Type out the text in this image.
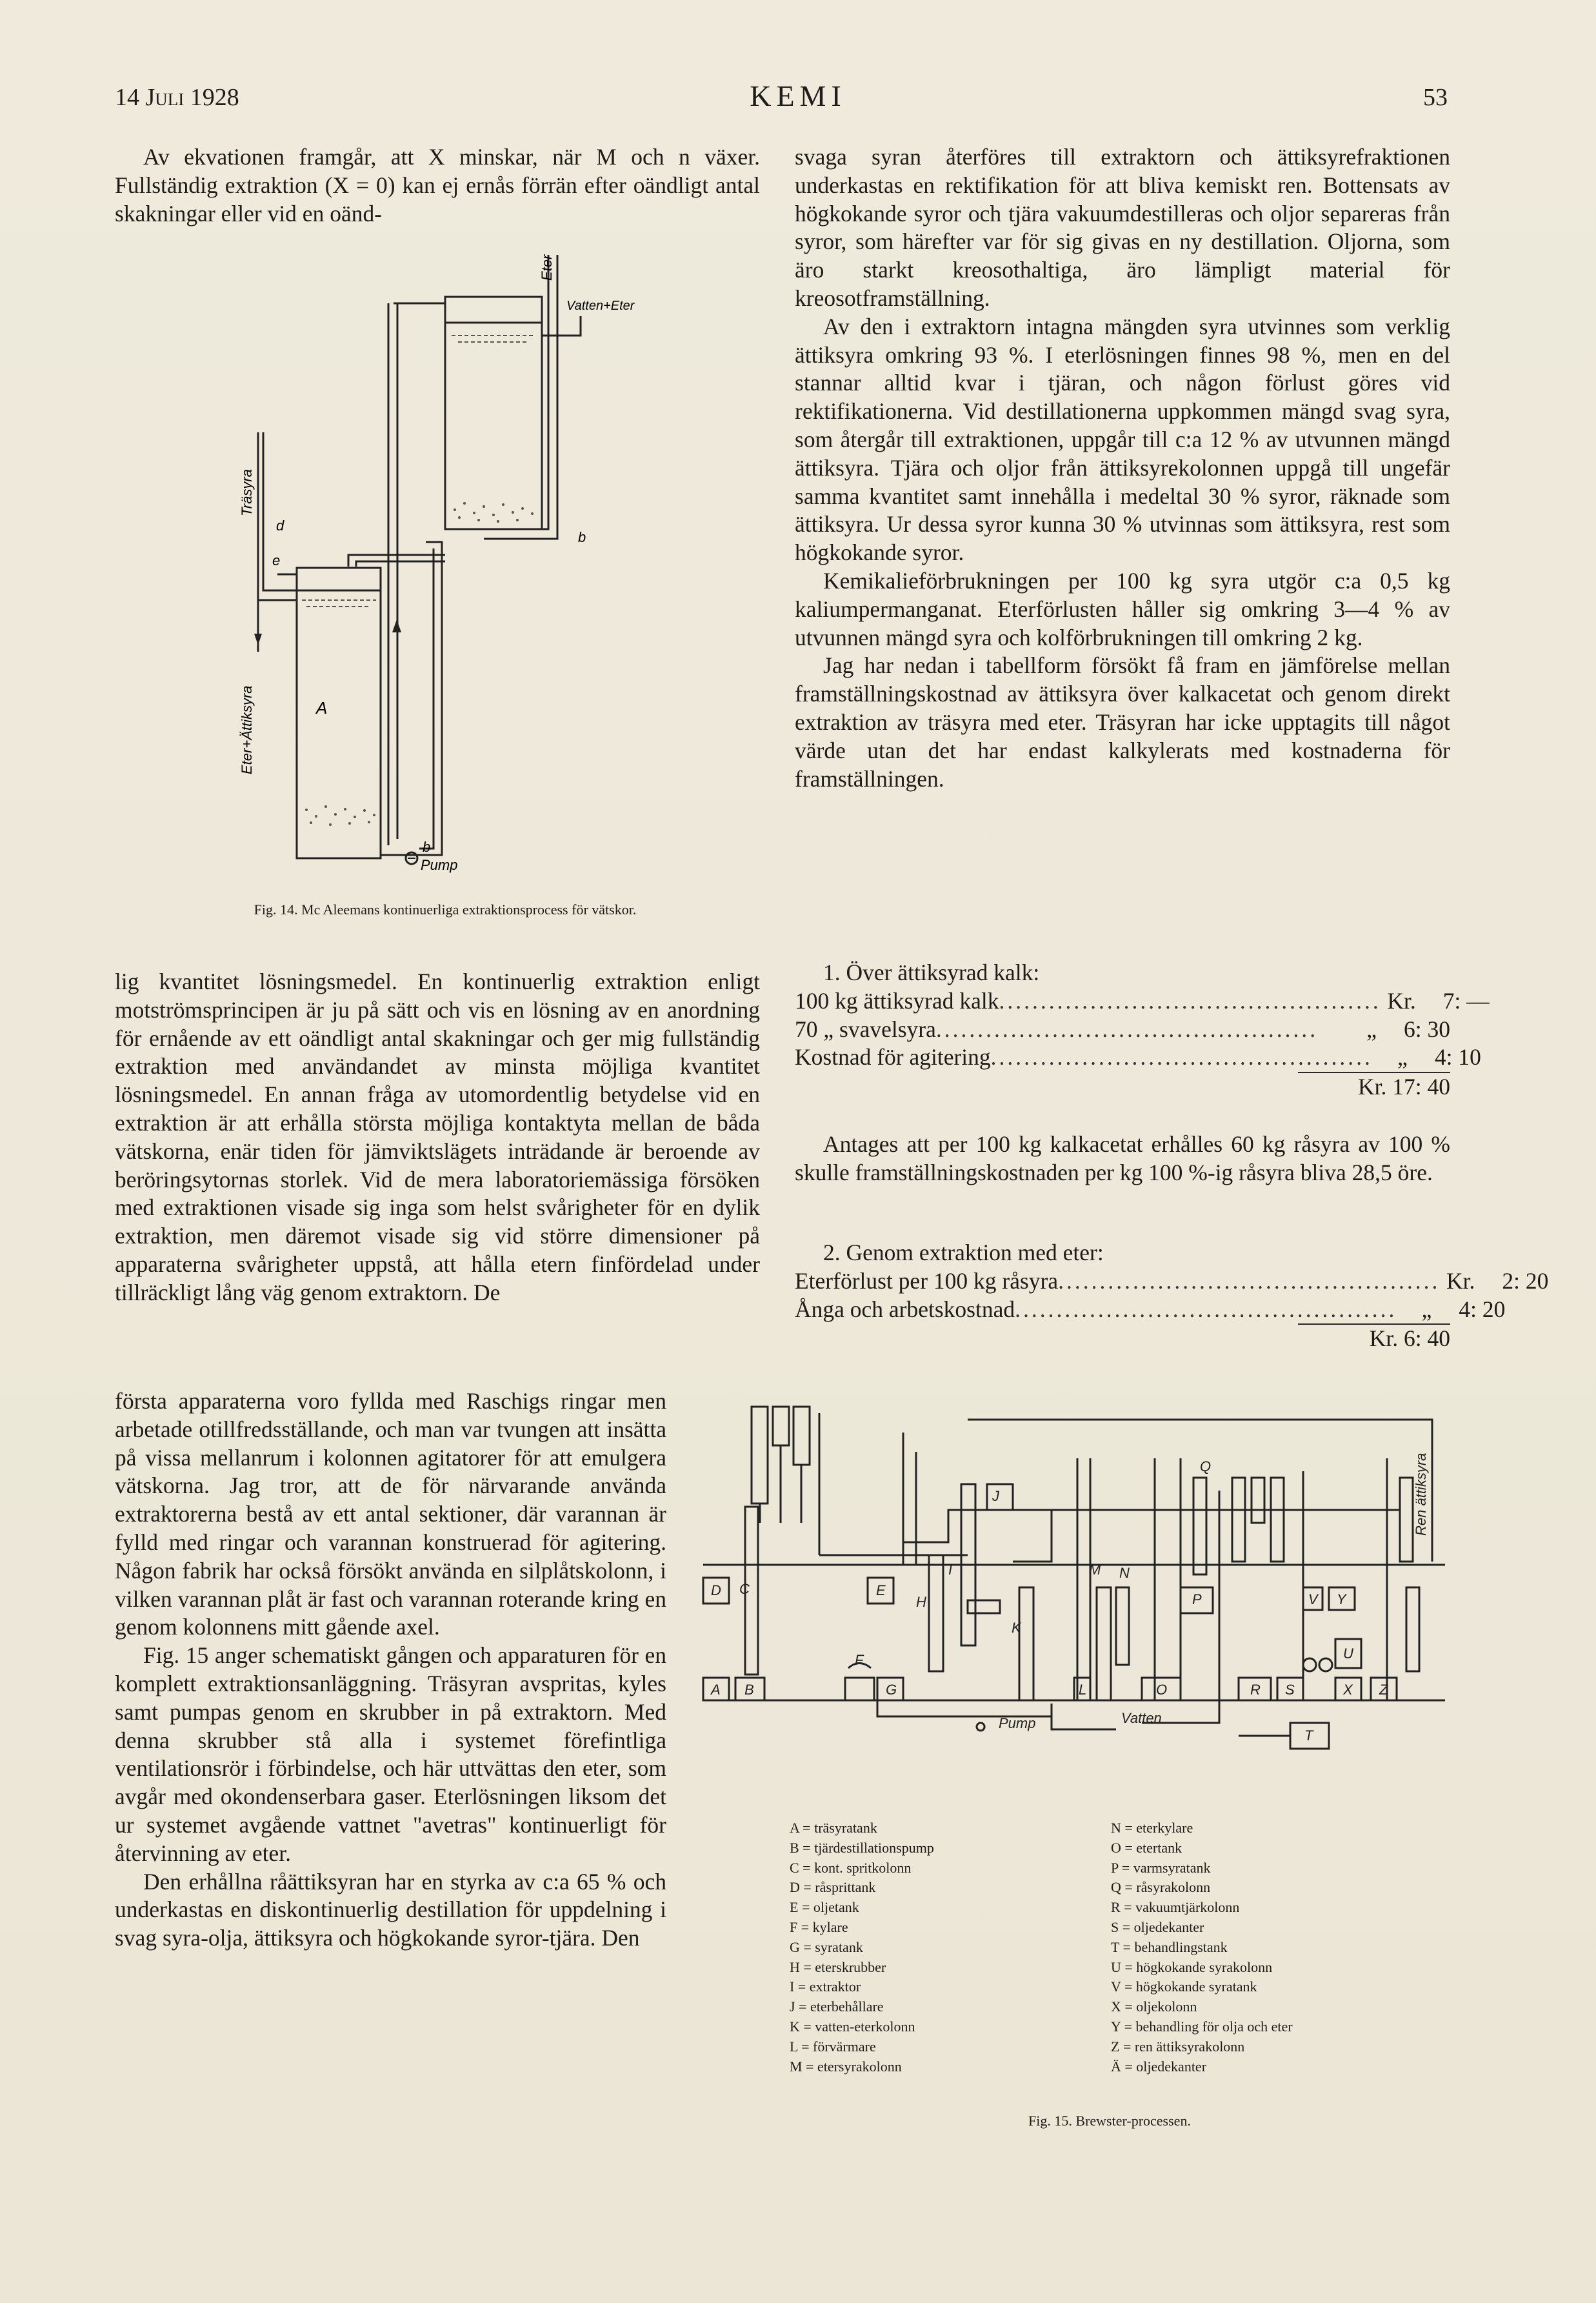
14 Juli 1928	KEMI	53

Av ekvationen framgår, att X minskar, när M och n växer. Fullständig extraktion (X = 0) kan ej ernås förrän efter oändligt antal skakningar eller vid en oänd-

Eter
Vatten+Eter
Träsyra
Eter+Ättiksyra
d
e
A
b
b
Pump
Fig. 14. Mc Aleemans kontinuerliga extraktionsprocess för vätskor.

lig kvantitet lösningsmedel. En kontinuerlig extraktion enligt motströmsprincipen är ju på sätt och vis en lösning av en anordning för ernående av ett oändligt antal skakningar och ger mig fullständig extraktion med användandet av minsta möjliga kvantitet lösningsmedel. En annan fråga av utomordentlig betydelse vid en extraktion är att erhålla största möjliga kontaktyta mellan de båda vätskorna, enär tiden för jämviktslägets inträdande är beroende av beröringsytornas storlek. Vid de mera laboratoriemässiga försöken med extraktionen visade sig inga som helst svårigheter för en dylik extraktion, men däremot visade sig vid större dimensioner på apparaterna svårigheter uppstå, att hålla etern finfördelad under tillräckligt lång väg genom extraktorn. De

första apparaterna voro fyllda med Raschigs ringar men arbetade otillfredsställande, och man var tvungen att insätta på vissa mellanrum i kolonnen agitatorer för att emulgera vätskorna. Jag tror, att de för närvarande använda extraktorerna bestå av ett antal sektioner, där varannan är fylld med ringar och varannan konstruerad för agitering. Någon fabrik har också försökt använda en silplåtskolonn, i vilken varannan plåt är fast och varannan roterande kring en genom kolonnens mitt gående axel.

Fig. 15 anger schematiskt gången och apparaturen för en komplett extraktionsanläggning. Träsyran avspritas, kyles samt pumpas genom en skrubber in på extraktorn. Med denna skrubber stå alla i systemet förefintliga ventilationsrör i förbindelse, och här uttvättas den eter, som avgår med okondenserbara gaser. Eterlösningen liksom det ur systemet avgående vattnet "avetras" kontinuerligt för återvinning av eter.

Den erhållna råättiksyran har en styrka av c:a 65 % och underkastas en diskontinuerlig destillation för uppdelning i svag syra-olja, ättiksyra och högkokande syror-tjära. Den

svaga syran återföres till extraktorn och ättiksyrefraktionen underkastas en rektifikation för att bliva kemiskt ren. Bottensats av högkokande syror och tjära vakuumdestilleras och oljor separeras från syror, som härefter var för sig givas en ny destillation. Oljorna, som äro starkt kreosothaltiga, äro lämpligt material för kreosotframställning.

Av den i extraktorn intagna mängden syra utvinnes som verklig ättiksyra omkring 93 %. I eterlösningen finnes 98 %, men en del stannar alltid kvar i tjäran, och någon förlust göres vid rektifikationerna. Vid destillationerna uppkommen mängd svag syra, som återgår till extraktionen, uppgår till c:a 12 % av utvunnen mängd ättiksyra. Tjära och oljor från ättiksyrekolonnen uppgå till ungefär samma kvantitet samt innehålla i medeltal 30 % syror, räknade som ättiksyra. Ur dessa syror kunna 30 % utvinnas som ättiksyra, rest som högkokande syror.

Kemikalieförbrukningen per 100 kg syra utgör c:a 0,5 kg kaliumpermanganat. Eterförlusten håller sig omkring 3—4 % av utvunnen mängd syra och kolförbrukningen till omkring 2 kg.

Jag har nedan i tabellform försökt få fram en jämförelse mellan framställningskostnad av ättiksyra över kalkacetat och genom direkt extraktion av träsyra med eter. Träsyran har icke upptagits till något värde utan det har endast kalkylerats med kostnaderna för framställningen.

1. Över ättiksyrad kalk:
100 kg ättiksyrad kalk .............................................. Kr.	7: —
70 „ svavelsyra ..............................................	„	6: 30
Kostnad för agitering ..............................................	„	4: 10
Kr. 17: 40

Antages att per 100 kg kalkacetat erhålles 60 kg råsyra av 100 % skulle framställningskostnaden per kg 100 %-ig råsyra bliva 28,5 öre.

2. Genom extraktion med eter:
Eterförlust per 100 kg råsyra .............................................. Kr.	2: 20
Ånga och arbetskostnad ..............................................	„	4: 20
Kr. 6: 40
D	E
A B
C
F
G
H
I
J
K
L
M N
O
P
Q
R S
T
U
V Y
X Z
Ren ättiksyra
Pump	Vatten
A = träsyratank
B = tjärdestillationspump
C = kont. spritkolonn
D = råsprittank
E = oljetank
F = kylare
G = syratank
H = eterskrubber
I = extraktor
J = eterbehållare
K = vatten-eterkolonn
L = förvärmare
M = etersyrakolonn
N = eterkylare
O = etertank
P = varmsyratank
Q = råsyrakolonn
R = vakuumtjärkolonn
S = oljedekanter
T = behandlingstank
U = högkokande syrakolonn
V = högkokande syratank
X = oljekolonn
Y = behandling för olja och eter
Z = ren ättiksyrakolonn
Ä = oljedekanter
Fig. 15. Brewster-processen.
